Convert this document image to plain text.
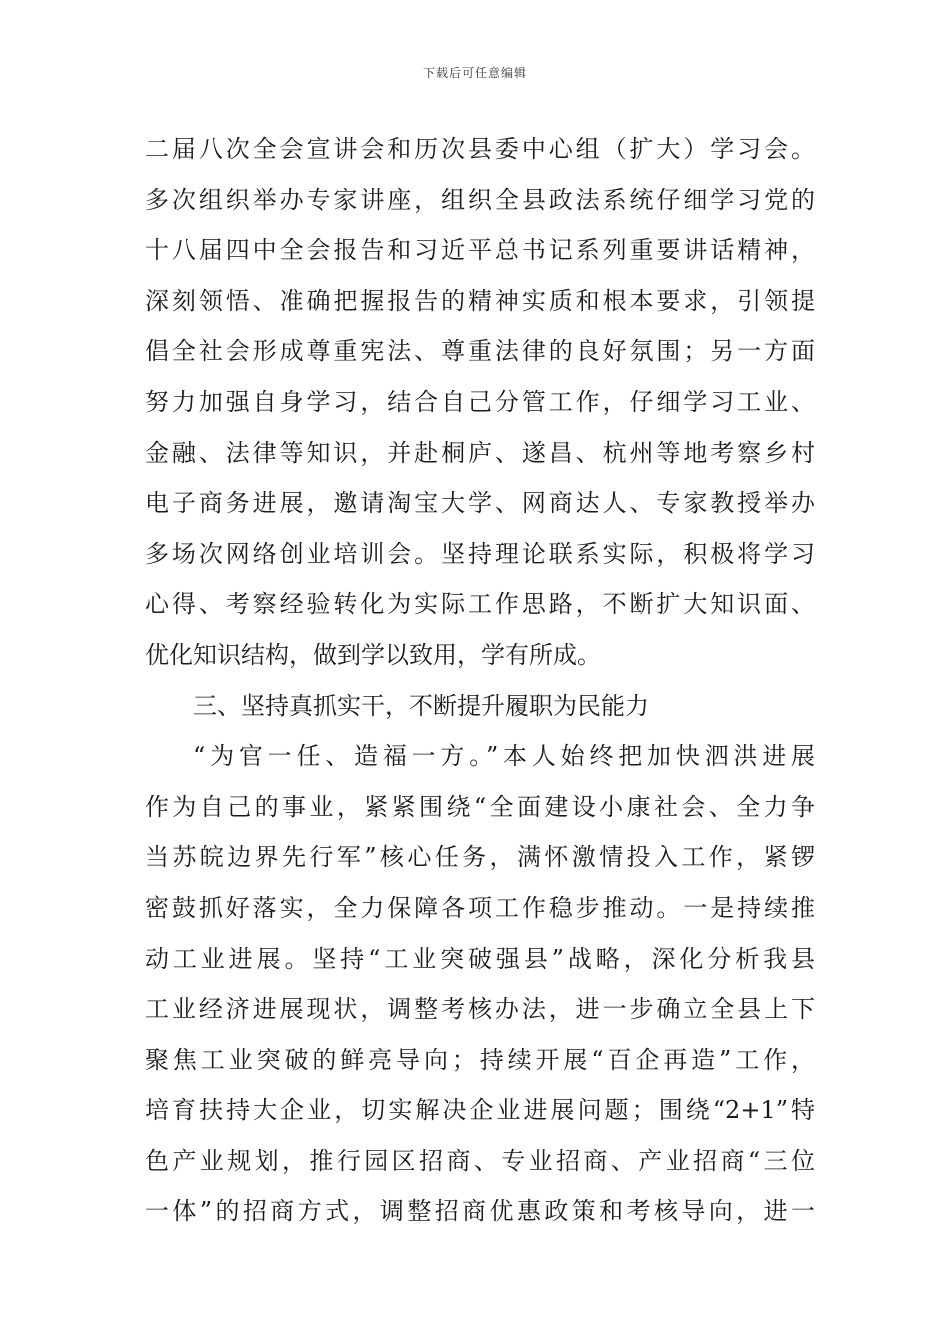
下载后可任意编辑
二届八次全会宣讲会和历次县委中心组（扩大）学习会。
多次组织举办专家讲座，组织全县政法系统仔细学习党的
十八届四中全会报告和习近平总书记系列重要讲话精神，
深刻领悟、准确把握报告的精神实质和根本要求，引领提
倡全社会形成尊重宪法、尊重法律的良好氛围；另一方面
努力加强自身学习，结合自己分管工作，仔细学习工业、
金融、法律等知识，并赴桐庐、遂昌、杭州等地考察乡村
电子商务进展，邀请淘宝大学、网商达人、专家教授举办
多场次网络创业培训会。坚持理论联系实际，积极将学习
心得、考察经验转化为实际工作思路，不断扩大知识面、
优化知识结构，做到学以致用，学有所成。
三、坚持真抓实干，不断提升履职为民能力
“为官一任、造福一方。”本人始终把加快泗洪进展
作为自己的事业，紧紧围绕“全面建设小康社会、全力争
当苏皖边界先行军”核心任务，满怀激情投入工作，紧锣
密鼓抓好落实，全力保障各项工作稳步推动。一是持续推
动工业进展。坚持“工业突破强县”战略，深化分析我县
工业经济进展现状，调整考核办法，进一步确立全县上下
聚焦工业突破的鲜亮导向；持续开展“百企再造”工作，
培育扶持大企业，切实解决企业进展问题；围绕“2+1”特
色产业规划，推行园区招商、专业招商、产业招商“三位
一体”的招商方式，调整招商优惠政策和考核导向，进一
